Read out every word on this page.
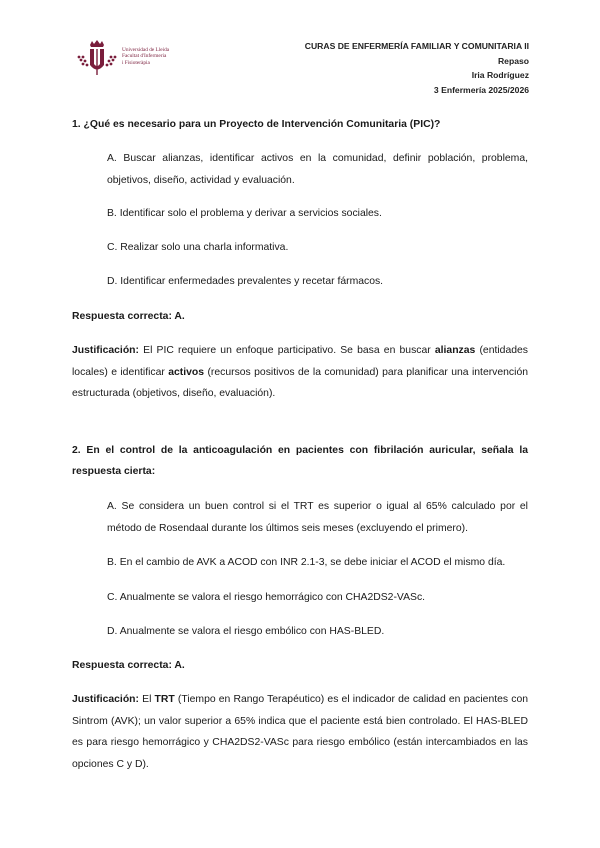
Universidad de Lleida
Facultat d'Infermeria
i Fisioteràpia
CURAS DE ENFERMERÍA FAMILIAR Y COMUNITARIA II
Repaso
Iria Rodríguez
3 Enfermería 2025/2026
1. ¿Qué es necesario para un Proyecto de Intervención Comunitaria (PIC)?
A. Buscar alianzas, identificar activos en la comunidad, definir población, problema, objetivos, diseño, actividad y evaluación.
B. Identificar solo el problema y derivar a servicios sociales.
C. Realizar solo una charla informativa.
D. Identificar enfermedades prevalentes y recetar fármacos.
Respuesta correcta: A.
Justificación: El PIC requiere un enfoque participativo. Se basa en buscar alianzas (entidades locales) e identificar activos (recursos positivos de la comunidad) para planificar una intervención estructurada (objetivos, diseño, evaluación).
2. En el control de la anticoagulación en pacientes con fibrilación auricular, señala la respuesta cierta:
A. Se considera un buen control si el TRT es superior o igual al 65% calculado por el método de Rosendaal durante los últimos seis meses (excluyendo el primero).
B. En el cambio de AVK a ACOD con INR 2.1-3, se debe iniciar el ACOD el mismo día.
C. Anualmente se valora el riesgo hemorrágico con CHA2DS2-VASc.
D. Anualmente se valora el riesgo embólico con HAS-BLED.
Respuesta correcta: A.
Justificación: El TRT (Tiempo en Rango Terapéutico) es el indicador de calidad en pacientes con Sintrom (AVK); un valor superior a 65% indica que el paciente está bien controlado. El HAS-BLED es para riesgo hemorrágico y CHA2DS2-VASc para riesgo embólico (están intercambiados en las opciones C y D).
